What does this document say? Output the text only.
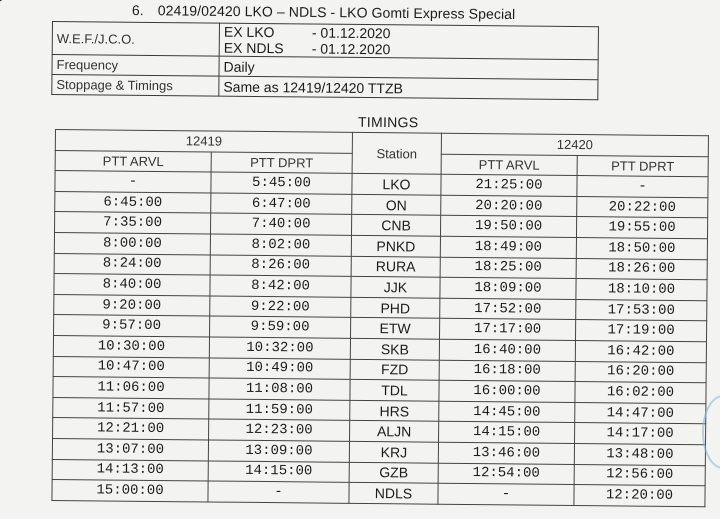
6. 02419/02420 LKO – NDLS - LKO Gomti Express Special
W.E.F./J.C.O.	EX LKO - 01.12.2020
EX NDLS - 01.12.2020

Frequency	Daily
Stoppage & Timings	Same as 12419/12420 TTZB
TIMINGS
12419		Station	12420	
PTT ARVL	PTT DPRT		PTT ARVL	PTT DPRT
-	5:45:00	LKO	21:25:00	-
6:45:00	6:47:00	ON	20:20:00	20:22:00
7:35:00	7:40:00	CNB	19:50:00	19:55:00
8:00:00	8:02:00	PNKD	18:49:00	18:50:00
8:24:00	8:26:00	RURA	18:25:00	18:26:00
8:40:00	8:42:00	JJK	18:09:00	18:10:00
9:20:00	9:22:00	PHD	17:52:00	17:53:00
9:57:00	9:59:00	ETW	17:17:00	17:19:00
10:30:00	10:32:00	SKB	16:40:00	16:42:00
10:47:00	10:49:00	FZD	16:18:00	16:20:00
11:06:00	11:08:00	TDL	16:00:00	16:02:00
11:57:00	11:59:00	HRS	14:45:00	14:47:00
12:21:00	12:23:00	ALJN	14:15:00	14:17:00
13:07:00	13:09:00	KRJ	13:46:00	13:48:00
14:13:00	14:15:00	GZB	12:54:00	12:56:00
15:00:00	-	NDLS	-	12:20:00
